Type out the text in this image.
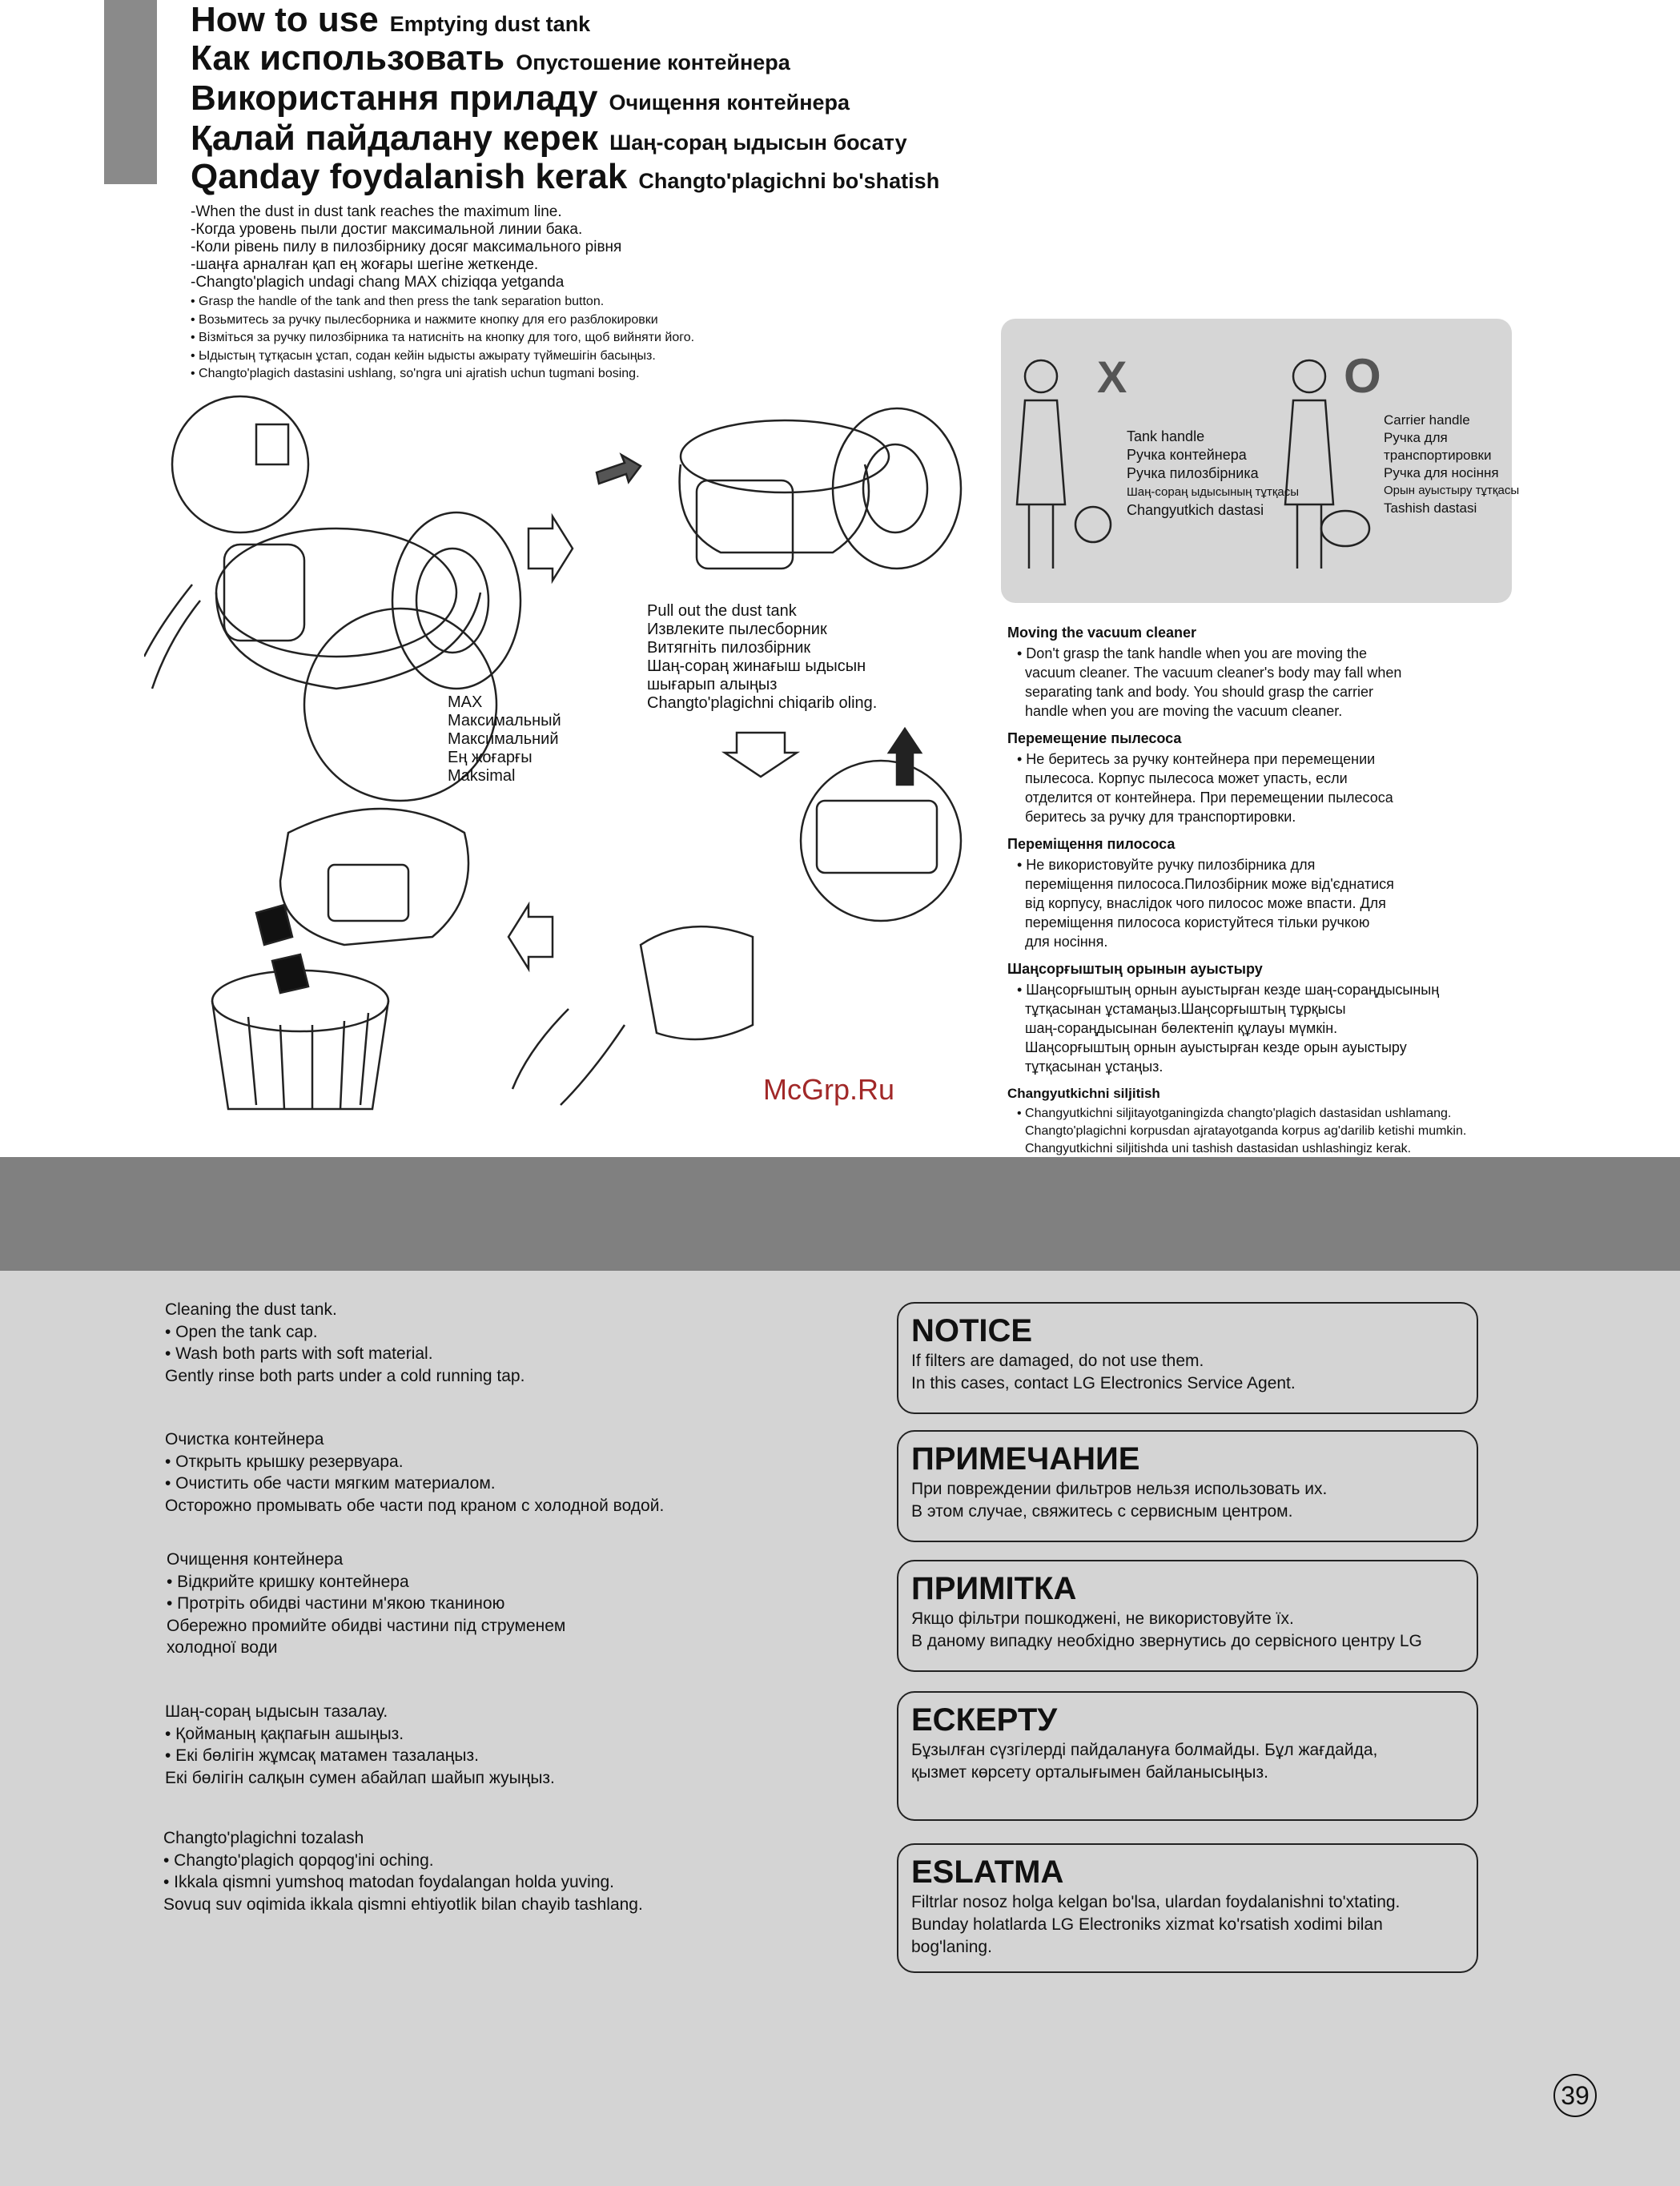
How to use Emptying dust tank
Как использовать Опустошение контейнера
Використання приладу Очищення контейнера
Қалай пайдалану керек Шаң-сораң ыдысын босату
Qanday foydalanish kerak Changto'plagichni bo'shatish
-When the dust in dust tank reaches the maximum line.
-Когда уровень пыли достиг максимальной линии бака.
-Коли рівень пилу в пилозбірнику досяг максимального рівня
-шаңға арналған қап ең жоғары шегіне жеткенде.
-Changto'plagich undagi chang MAX chiziqqa yetganda
• Grasp the handle of the tank and then press the tank separation button.
• Возьмитесь за ручку пылесборника и нажмите кнопку для его разблокировки
• Візміться за ручку пилозбірника та натисніть на кнопку для того, щоб вийняти його.
• Ыдыстың тұтқасын ұстап, содан кейін ыдысты ажырату түймешігін басыңыз.
• Changto'plagich dastasini ushlang, so'ngra uni ajratish uchun tugmani bosing.
MAX
Максимальный
Максимальний
Ең жоғарғы
Maksimal
Pull out the dust tank
Извлеките пылесборник
Витягніть пилозбірник
Шаң-сораң жинағыш ыдысын
шығарып алыңыз
Changto'plagichni chiqarib oling.
X	O
Tank handle
Ручка контейнера
Ручка пилозбірника
Шаң-сораң ыдысының тұтқасы
Changyutkich dastasi
Carrier handle
Ручка для
транспортировки
Ручка для носіння
Орын ауыстыру тұтқасы
Tashish dastasi
Moving the vacuum cleaner

• Don't grasp the tank handle when you are moving the

vacuum cleaner. The vacuum cleaner's body may fall when

separating tank and body. You should grasp the carrier

handle when you are moving the vacuum cleaner.

Перемещение пылесоса

• Не беритесь за ручку контейнера при перемещении

пылесоса. Корпус пылесоса может упасть, если

отделится от контейнера. При перемещении пылесоса

беритесь за ручку для транспортировки.

Переміщення пилососа

• Не використовуйте ручку пилозбірника для

переміщення пилососа.Пилозбірник може від'єднатися

від корпусу, внаслідок чого пилосос може впасти. Для

переміщення пилососа користуйтеся тільки ручкою

для носіння.

Шаңсорғыштың орынын ауыстыру

• Шаңсорғыштың орнын ауыстырған кезде шаң-сораңдысының

тұтқасынан ұстамаңыз.Шаңсорғыштың тұрқысы

шаң-сораңдысынан бөлектеніп құлауы мүмкін.

Шаңсорғыштың орнын ауыстырған кезде орын ауыстыру

тұтқасынан ұстаңыз.

Changyutkichni siljitish

• Changyutkichni siljitayotganingizda changto'plagich dastasidan ushlamang.

Changto'plagichni korpusdan ajratayotganda korpus ag'darilib ketishi mumkin.

Changyutkichni siljitishda uni tashish dastasidan ushlashingiz kerak.

McGrp.Ru
Cleaning the dust tank.
• Open the tank cap.
• Wash both parts with soft material.
Gently rinse both parts under a cold running tap.
Очистка контейнера
• Открыть крышку резервуара.
• Очистить обе части мягким материалом.
Осторожно промывать обе части под краном с холодной водой.
Очищення контейнера
• Відкрийте кришку контейнера
• Протріть обидві частини м'якою тканиною
Обережно промийте обидві частини під струменем
холодної води
Шаң-сораң ыдысын тазалау.
• Қойманың қақпағын ашыңыз.
• Екі бөлігін жұмсақ матамен тазалаңыз.
Екі бөлігін салқын сумен абайлап шайып жуыңыз.
Changto'plagichni tozalash
• Changto'plagich qopqog'ini oching.
• Ikkala qismni yumshoq matodan foydalangan holda yuving.
Sovuq suv oqimida ikkala qismni ehtiyotlik bilan chayib tashlang.
NOTICE
If filters are damaged, do not use them.
In this cases, contact LG Electronics Service Agent.
ПРИМЕЧАНИЕ
При повреждении фильтров нельзя использовать их.
В этом случае, свяжитесь с сервисным центром.
ПРИМІТКА
Якщо фільтри пошкоджені, не використовуйте їх.
В даному випадку необхідно звернутись до сервісного центру LG
ЕСКЕРТУ
Бұзылған сүзгілерді пайдалануға болмайды. Бұл жағдайда,
қызмет көрсету орталығымен байланысыңыз.
ESLATMA
Filtrlar nosoz holga kelgan bo'lsa, ulardan foydalanishni to'xtating.
Bunday holatlarda LG Electroniks xizmat ko'rsatish xodimi bilan
bog'laning.
39
